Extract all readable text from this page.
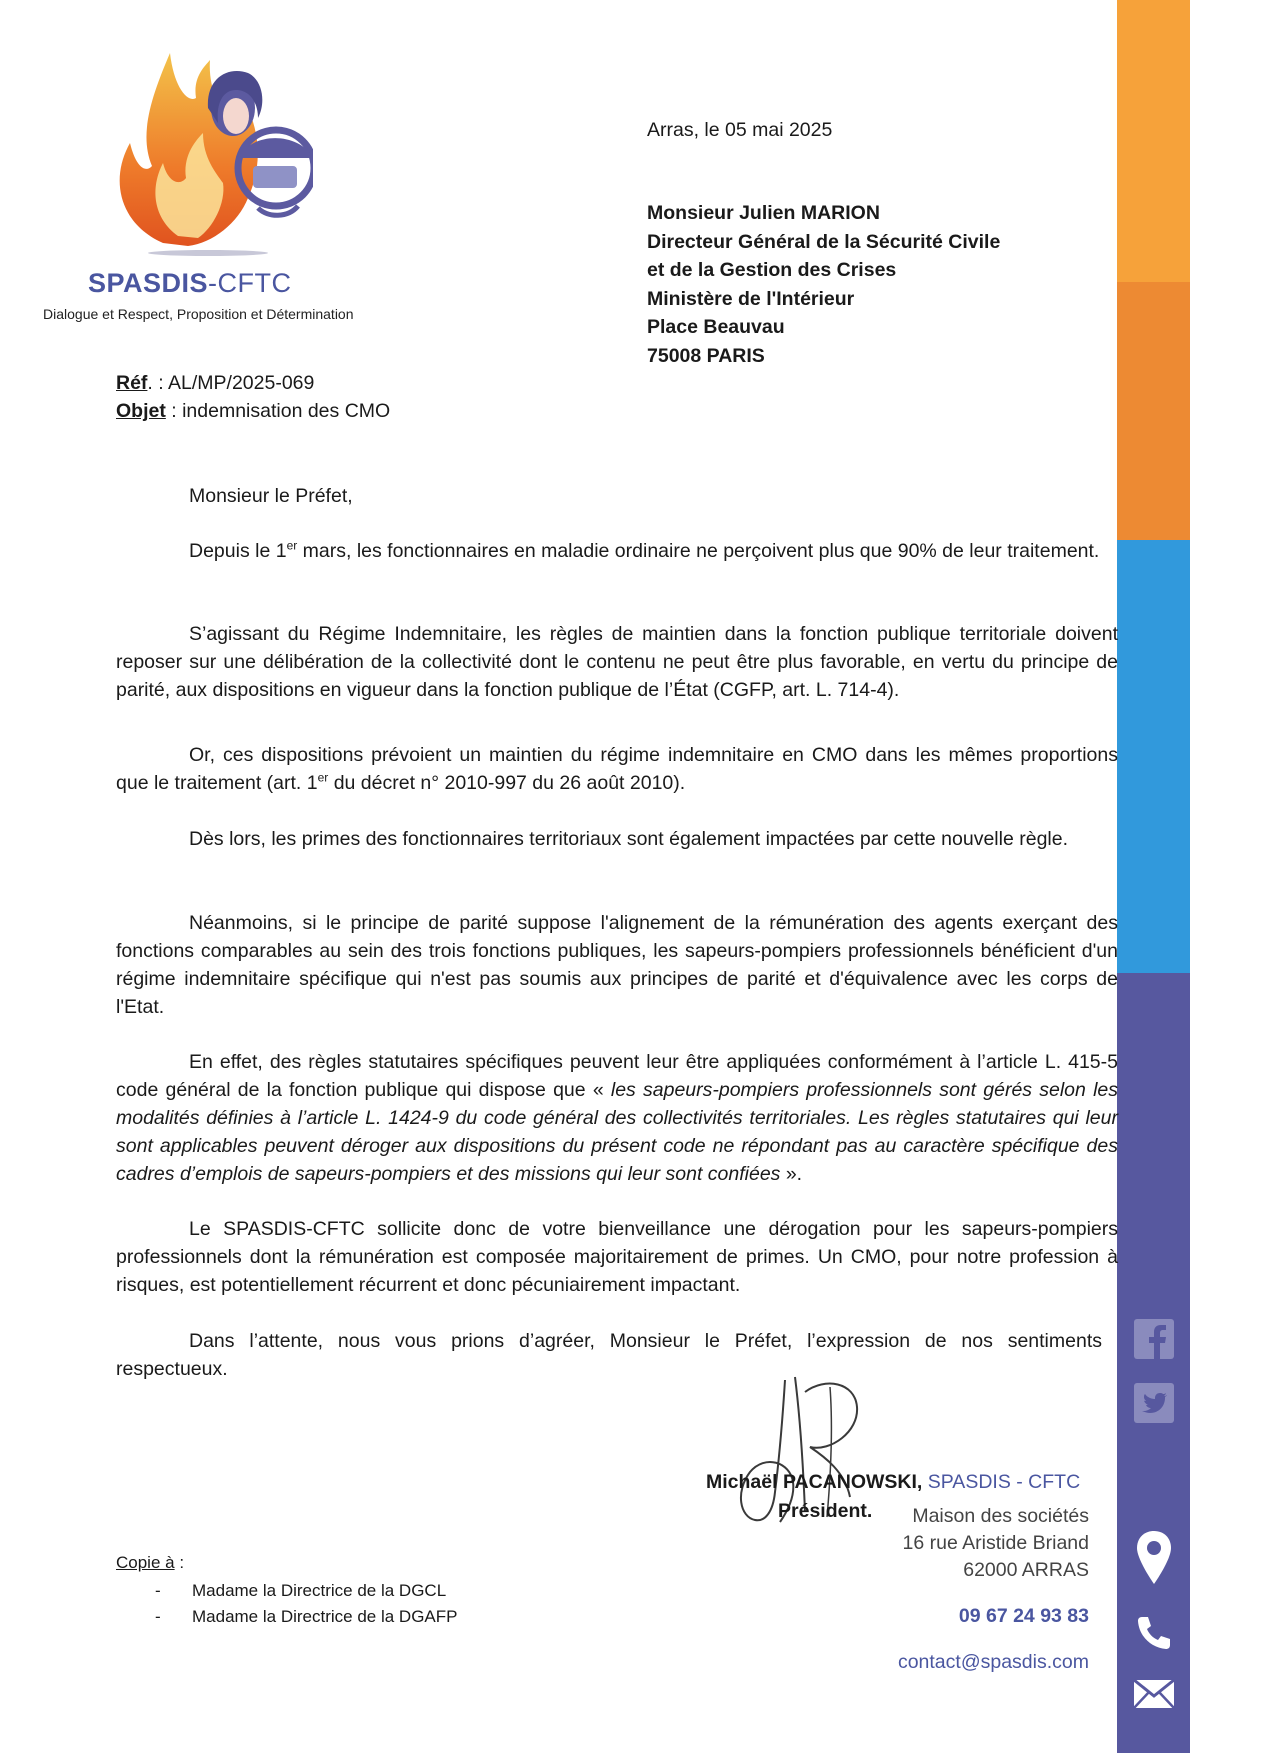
SPASDIS-CFTC
Dialogue et Respect, Proposition et Détermination
Arras, le 05 mai 2025
Monsieur Julien MARION
Directeur Général de la Sécurité Civile
et de la Gestion des Crises
Ministère de l'Intérieur
Place Beauvau
75008 PARIS
Réf. : AL/MP/2025-069
Objet : indemnisation des CMO
Monsieur le Préfet,
Depuis le 1er mars, les fonctionnaires en maladie ordinaire ne perçoivent plus que 90% de leur traitement.
S’agissant du Régime Indemnitaire, les règles de maintien dans la fonction publique territoriale doivent reposer sur une délibération de la collectivité dont le contenu ne peut être plus favorable, en vertu du principe de parité, aux dispositions en vigueur dans la fonction publique de l’État (CGFP, art. L. 714-4).
Or, ces dispositions prévoient un maintien du régime indemnitaire en CMO dans les mêmes proportions que le traitement (art. 1er du décret n° 2010-997 du 26 août 2010).
Dès lors, les primes des fonctionnaires territoriaux sont également impactées par cette nouvelle règle.
Néanmoins, si le principe de parité suppose l'alignement de la rémunération des agents exerçant des fonctions comparables au sein des trois fonctions publiques, les sapeurs-pompiers professionnels bénéficient d'un régime indemnitaire spécifique qui n'est pas soumis aux principes de parité et d'équivalence avec les corps de l'Etat.
En effet, des règles statutaires spécifiques peuvent leur être appliquées conformément à l’article L. 415-5 code général de la fonction publique qui dispose que « les sapeurs-pompiers professionnels sont gérés selon les modalités définies à l’article L. 1424-9 du code général des collectivités territoriales. Les règles statutaires qui leur sont applicables peuvent déroger aux dispositions du présent code ne répondant pas au caractère spécifique des cadres d’emplois de sapeurs-pompiers et des missions qui leur sont confiées ».
Le SPASDIS-CFTC sollicite donc de votre bienveillance une dérogation pour les sapeurs-pompiers professionnels dont la rémunération est composée majoritairement de primes. Un CMO, pour notre profession à risques, est potentiellement récurrent et donc pécuniairement impactant.
Dans l’attente, nous vous prions d’agréer, Monsieur le Préfet, l’expression de nos sentiments respectueux.
Michaël PACANOWSKI, SPASDIS - CFTC
Président.	Maison des sociétés
16 rue Aristide Briand
62000 ARRAS
09 67 24 93 83
contact@spasdis.com
Copie à :
- Madame la Directrice de la DGCL
- Madame la Directrice de la DGAFP
